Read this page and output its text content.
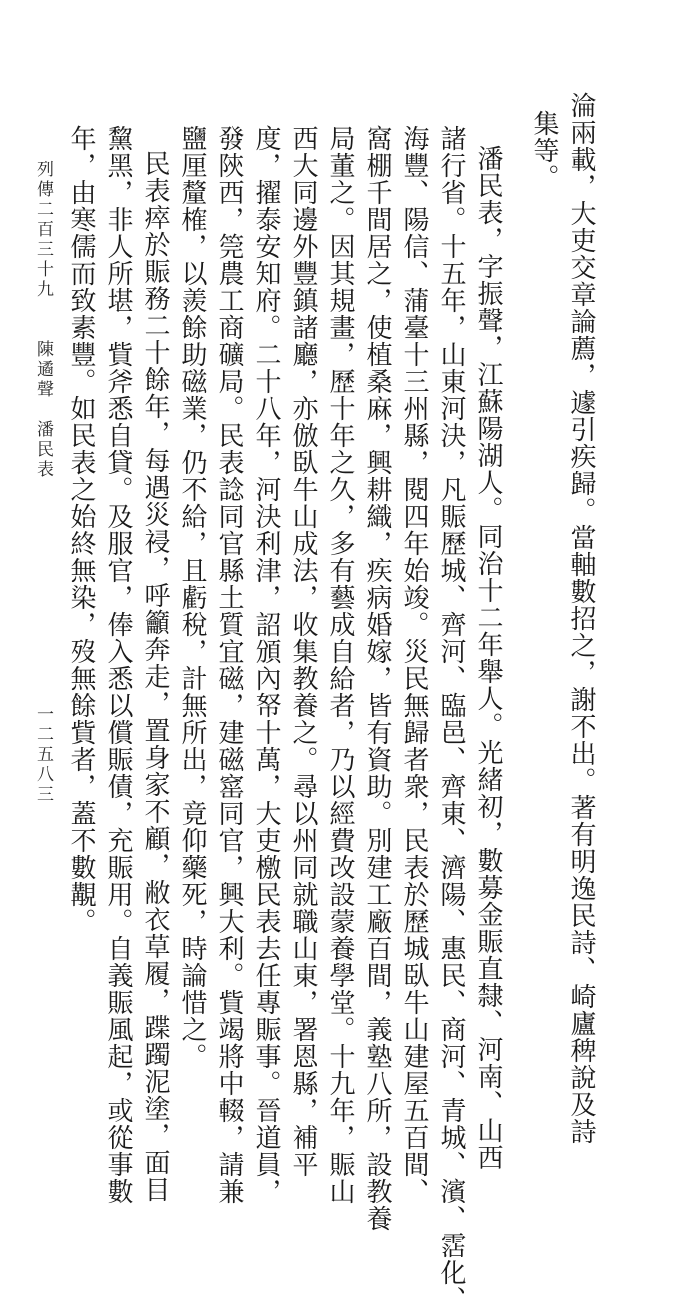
淪兩載，大吏交章論薦，遽引疾歸。當軸數招之，謝不出。著有明逸民詩、崎廬稗說及詩
集等。
潘民表，字振聲，江蘇陽湖人。同治十二年舉人。光緒初，數募金賑直隸、河南、山西
諸行省。十五年，山東河決，凡賑歷城、齊河、臨邑、齊東、濟陽、惠民、商河、青城、濱、霑化、
海豐、陽信、蒲臺十三州縣，閱四年始竣。災民無歸者衆，民表於歷城臥牛山建屋五百間、
窩棚千間居之，使植桑麻，興耕織，疾病婚嫁，皆有資助。別建工廠百間，義塾八所，設教養
局董之。因其規畫，歷十年之久，多有藝成自給者，乃以經費改設蒙養學堂。十九年，賑山
西大同邊外豐鎮諸廳，亦倣臥牛山成法，收集教養之。尋以州同就職山東，署恩縣，補平
度，擢泰安知府。二十八年，河決利津，詔頒內帑十萬，大吏檄民表去任專賑事。晉道員，
發陝西，筦農工商礦局。民表諗同官縣土質宜磁，建磁窰同官，興大利。貲竭將中輟，請兼
鹽厘釐榷，以羨餘助磁業，仍不給，且虧稅，計無所出，竟仰藥死，時論惜之。
民表瘁於賑務二十餘年，每遇災祲，呼籲奔走，置身家不顧，敝衣草履，蹀躅泥塗，面目
黧黑，非人所堪，貲斧悉自貸。及服官，俸入悉以償賑債，充賑用。自義賑風起，或從事數
年，由寒儒而致素豐。如民表之始終無染，歿無餘貲者，蓋不數覯。
列傳二百三十九
陳遹聲　潘民表
一二五八三
